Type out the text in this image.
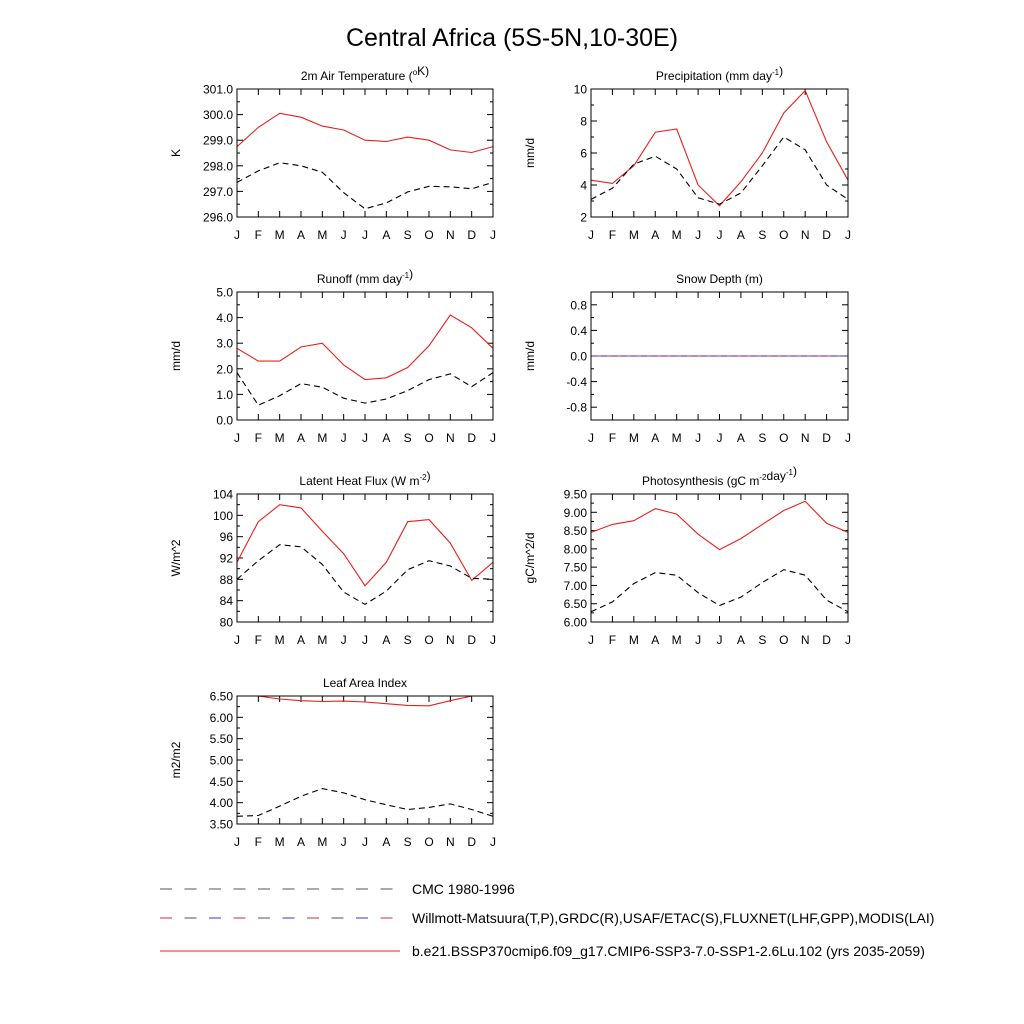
Central Africa (5S-5N,10-30E)
2m Air Temperature ($^o$K)
K
296.0
297.0
298.0
299.0
300.0
301.0
J F M A M J J A S O N D J
Precipitation (mm day$^{-1}$)
mm/d
2
4
6
8
10
J F M A M J J A S O N D J
Runoff (mm day$^{-1}$)
mm/d
0.0
1.0
2.0
3.0
4.0
5.0
J F M A M J J A S O N D J
Snow Depth (m)
mm/d
-0.8
-0.4
0.0
0.4
0.8
J F M A M J J A S O N D J
Latent Heat Flux (W $m^{-2}$)
W/m^2
80
84
88
92
96
100
104
J F M A M J J A S O N D J
Photosynthesis (gC $m^{-2}day^{-1}$)
gC/m^2/d
6.00
6.50
7.00
7.50
8.00
8.50
9.00
9.50
J F M A M J J A S O N D J
Leaf Area Index
m2/m2
3.50
4.00
4.50
5.00
5.50
6.00
6.50
J F M A M J J A S O N D J
CMC 1980-1996
Willmott-Matsuura(T,P),GRDC(R),USAF/ETAC(S),FLUXNET(LHF,GPP),MODIS(LAI)
b.e21.BSSP370cmip6.f09_g17.CMIP6-SSP3-7.0-SSP1-2.6Lu.102 (yrs 2035-2059)
